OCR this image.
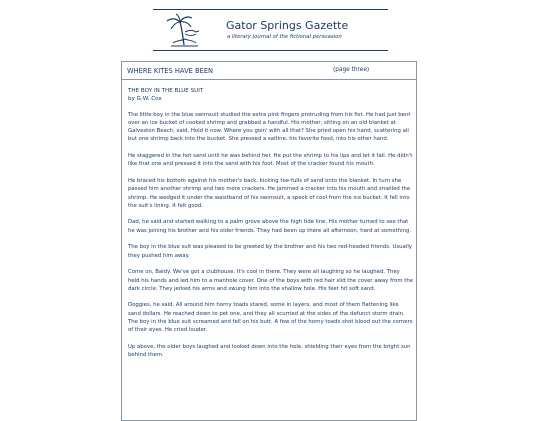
Gator Springs Gazette
a literary journal of the fictional persuasion
WHERE KITES HAVE BEEN	(page three)
THE BOY IN THE BLUE SUIT
by G.W. Cox

The little boy in the blue swimsuit studied the extra pink fingers protruding from his fist. He had just bent over an ice bucket of cooked shrimp and grabbed a handful. His mother, sitting on an old blanket at Galveston Beach, said, Hold it now. Where you goin' with all that? She pried open his hand, scattering all but one shrimp back into the bucket. She pressed a saltine, his favorite food, into his other hand.

He staggered in the hot sand until he was behind her. He put the shrimp to his lips and let it fall. He didn't like that one and pressed it into the sand with his foot. Most of the cracker found his mouth.

He braced his bottom against his mother's back, kicking toe-fulls of sand onto the blanket. In turn she passed him another shrimp and two more crackers. He jammed a cracker into his mouth and smelled the shrimp. He wedged it under the waistband of his swimsuit, a speck of cool from the ice bucket. It fell into the suit's lining. It felt good.

Dad, he said and started walking to a palm grove above the high tide line. His mother turned to see that he was joining his brother and his older friends. They had been up there all afternoon, hard at something.

The boy in the blue suit was pleased to be greeted by the brother and his two red-headed friends. Usually they pushed him away.

Come on, Baldy. We've got a clubhouse. It's cool in there. They were all laughing so he laughed. They held his hands and led him to a manhole cover. One of the boys with red hair slid the cover away from the dark circle. They jerked his arms and swung him into the shallow hole. His feet hit soft sand.

Doggies, he said. All around him horny toads stared, some in layers, and most of them flattening like sand dollars. He reached down to pet one, and they all scurried at the sides of the defunct storm drain. The boy in the blue suit screamed and fell on his butt. A few of the horny toads shot blood out the corners of their eyes. He cried louder.

Up above, the older boys laughed and looked down into the hole, shielding their eyes from the bright sun behind them.
